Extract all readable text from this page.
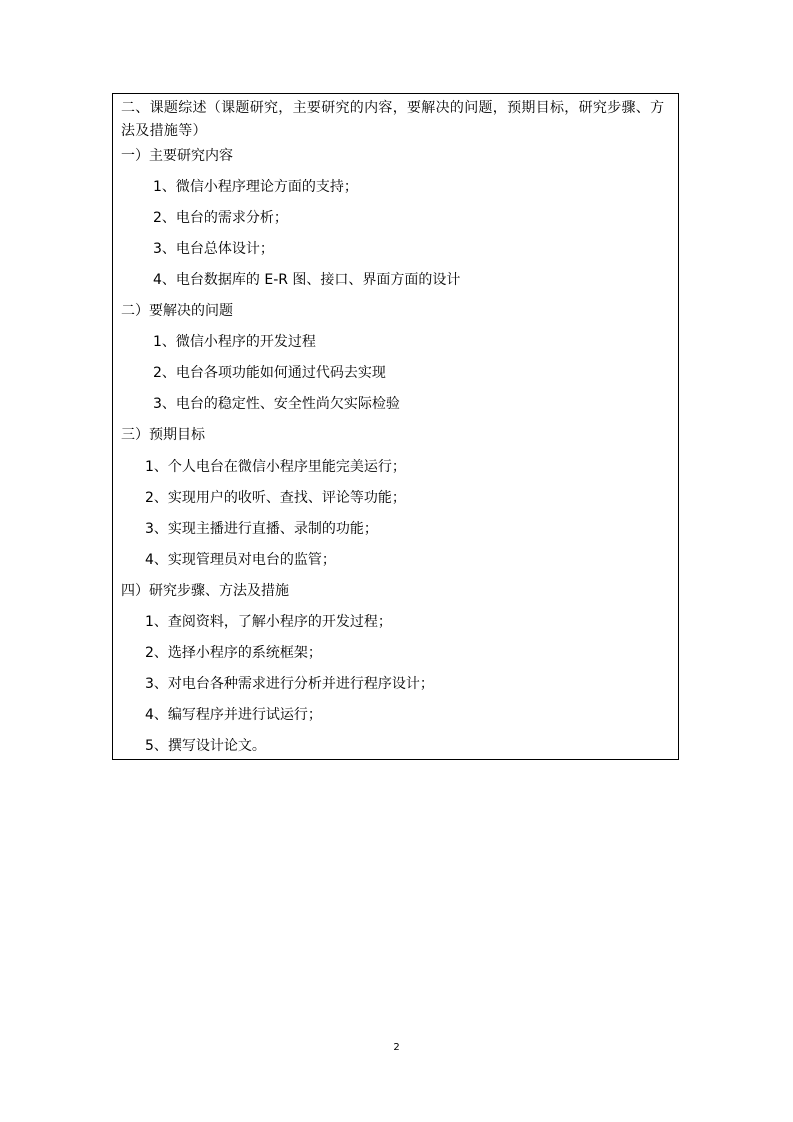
二、课题综述（课题研究，主要研究的内容，要解决的问题，预期目标，研究步骤、方法及措施等）

一）主要研究内容

1、微信小程序理论方面的支持；

2、电台的需求分析；

3、电台总体设计；

4、电台数据库的 E-R 图、接口、界面方面的设计

二）要解决的问题

1、微信小程序的开发过程

2、电台各项功能如何通过代码去实现

3、电台的稳定性、安全性尚欠实际检验

三）预期目标

1、个人电台在微信小程序里能完美运行；

2、实现用户的收听、查找、评论等功能；

3、实现主播进行直播、录制的功能；

4、实现管理员对电台的监管；

四）研究步骤、方法及措施

1、查阅资料，了解小程序的开发过程；

2、选择小程序的系统框架；

3、对电台各种需求进行分析并进行程序设计；

4、编写程序并进行试运行；

5、撰写设计论文。

2
